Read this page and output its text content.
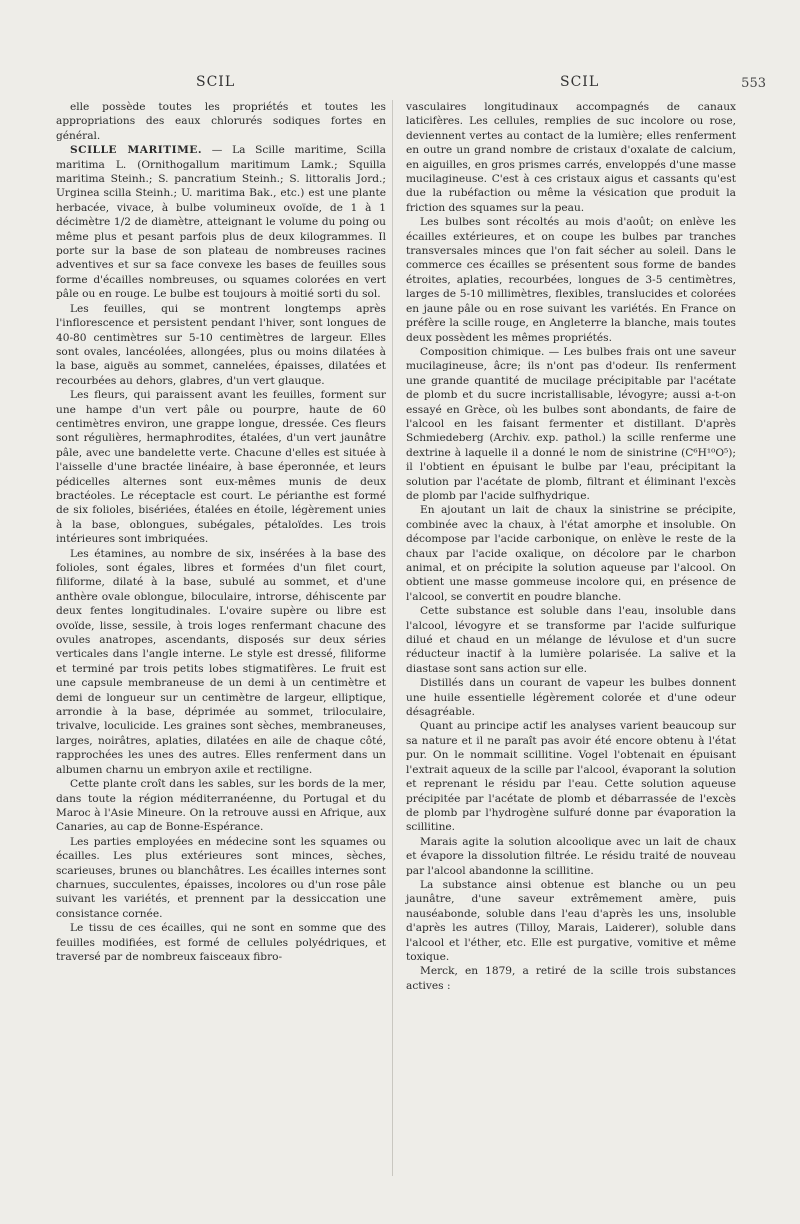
SCIL	SCIL	553

elle possède toutes les propriétés et toutes les appropriations des eaux chlorurés sodiques fortes en général.

SCILLE MARITIME. — La Scille maritime, Scilla maritima L. (Ornithogallum maritimum Lamk.; Squilla maritima Steinh.; S. pancratium Steinh.; S. littoralis Jord.; Urginea scilla Steinh.; U. maritima Bak., etc.) est une plante herbacée, vivace, à bulbe volumineux ovoïde, de 1 à 1 décimètre 1/2 de diamètre, atteignant le volume du poing ou même plus et pesant parfois plus de deux kilogrammes. Il porte sur la base de son plateau de nombreuses racines adventives et sur sa face convexe les bases de feuilles sous forme d'écailles nombreuses, ou squames colorées en vert pâle ou en rouge. Le bulbe est toujours à moitié sorti du sol.

Les feuilles, qui se montrent longtemps après l'inflorescence et persistent pendant l'hiver, sont longues de 40-80 centimètres sur 5-10 centimètres de largeur. Elles sont ovales, lancéolées, allongées, plus ou moins dilatées à la base, aiguës au sommet, cannelées, épaisses, dilatées et recourbées au dehors, glabres, d'un vert glauque.

Les fleurs, qui paraissent avant les feuilles, forment sur une hampe d'un vert pâle ou pourpre, haute de 60 centimètres environ, une grappe longue, dressée. Ces fleurs sont régulières, hermaphrodites, étalées, d'un vert jaunâtre pâle, avec une bandelette verte. Chacune d'elles est située à l'aisselle d'une bractée linéaire, à base éperonnée, et leurs pédicelles alternes sont eux-mêmes munis de deux bractéoles. Le réceptacle est court. Le périanthe est formé de six folioles, bisériées, étalées en étoile, légèrement unies à la base, oblongues, subégales, pétaloïdes. Les trois intérieures sont imbriquées.

Les étamines, au nombre de six, insérées à la base des folioles, sont égales, libres et formées d'un filet court, filiforme, dilaté à la base, subulé au sommet, et d'une anthère ovale oblongue, biloculaire, introrse, déhiscente par deux fentes longitudinales. L'ovaire supère ou libre est ovoïde, lisse, sessile, à trois loges renfermant chacune des ovules anatropes, ascendants, disposés sur deux séries verticales dans l'angle interne. Le style est dressé, filiforme et terminé par trois petits lobes stigmatifères. Le fruit est une capsule membraneuse de un demi à un centimètre et demi de longueur sur un centimètre de largeur, elliptique, arrondie à la base, déprimée au sommet, triloculaire, trivalve, loculicide. Les graines sont sèches, membraneuses, larges, noirâtres, aplaties, dilatées en aile de chaque côté, rapprochées les unes des autres. Elles renferment dans un albumen charnu un embryon axile et rectiligne.

Cette plante croît dans les sables, sur les bords de la mer, dans toute la région méditerranéenne, du Portugal et du Maroc à l'Asie Mineure. On la retrouve aussi en Afrique, aux Canaries, au cap de Bonne-Espérance.

Les parties employées en médecine sont les squames ou écailles. Les plus extérieures sont minces, sèches, scarieuses, brunes ou blanchâtres. Les écailles internes sont charnues, succulentes, épaisses, incolores ou d'un rose pâle suivant les variétés, et prennent par la dessiccation une consistance cornée.

Le tissu de ces écailles, qui ne sont en somme que des feuilles modifiées, est formé de cellules polyédriques, et traversé par de nombreux faisceaux fibro-

vasculaires longitudinaux accompagnés de canaux laticifères. Les cellules, remplies de suc incolore ou rose, deviennent vertes au contact de la lumière; elles renferment en outre un grand nombre de cristaux d'oxalate de calcium, en aiguilles, en gros prismes carrés, enveloppés d'une masse mucilagineuse. C'est à ces cristaux aigus et cassants qu'est due la rubéfaction ou même la vésication que produit la friction des squames sur la peau.

Les bulbes sont récoltés au mois d'août; on enlève les écailles extérieures, et on coupe les bulbes par tranches transversales minces que l'on fait sécher au soleil. Dans le commerce ces écailles se présentent sous forme de bandes étroites, aplaties, recourbées, longues de 3-5 centimètres, larges de 5-10 millimètres, flexibles, translucides et colorées en jaune pâle ou en rose suivant les variétés. En France on préfère la scille rouge, en Angleterre la blanche, mais toutes deux possèdent les mêmes propriétés.

Composition chimique. — Les bulbes frais ont une saveur mucilagineuse, âcre; ils n'ont pas d'odeur. Ils renferment une grande quantité de mucilage précipitable par l'acétate de plomb et du sucre incristallisable, lévogyre; aussi a-t-on essayé en Grèce, où les bulbes sont abondants, de faire de l'alcool en les faisant fermenter et distillant. D'après Schmiedeberg (Archiv. exp. pathol.) la scille renferme une dextrine à laquelle il a donné le nom de sinistrine (C⁶H¹⁰O⁵); il l'obtient en épuisant le bulbe par l'eau, précipitant la solution par l'acétate de plomb, filtrant et éliminant l'excès de plomb par l'acide sulfhydrique.

En ajoutant un lait de chaux la sinistrine se précipite, combinée avec la chaux, à l'état amorphe et insoluble. On décompose par l'acide carbonique, on enlève le reste de la chaux par l'acide oxalique, on décolore par le charbon animal, et on précipite la solution aqueuse par l'alcool. On obtient une masse gommeuse incolore qui, en présence de l'alcool, se convertit en poudre blanche.

Cette substance est soluble dans l'eau, insoluble dans l'alcool, lévogyre et se transforme par l'acide sulfurique dilué et chaud en un mélange de lévulose et d'un sucre réducteur inactif à la lumière polarisée. La salive et la diastase sont sans action sur elle.

Distillés dans un courant de vapeur les bulbes donnent une huile essentielle légèrement colorée et d'une odeur désagréable.

Quant au principe actif les analyses varient beaucoup sur sa nature et il ne paraît pas avoir été encore obtenu à l'état pur. On le nommait scillitine. Vogel l'obtenait en épuisant l'extrait aqueux de la scille par l'alcool, évaporant la solution et reprenant le résidu par l'eau. Cette solution aqueuse précipitée par l'acétate de plomb et débarrassée de l'excès de plomb par l'hydrogène sulfuré donne par évaporation la scillitine.

Marais agite la solution alcoolique avec un lait de chaux et évapore la dissolution filtrée. Le résidu traité de nouveau par l'alcool abandonne la scillitine.

La substance ainsi obtenue est blanche ou un peu jaunâtre, d'une saveur extrêmement amère, puis nauséabonde, soluble dans l'eau d'après les uns, insoluble d'après les autres (Tilloy, Marais, Laiderer), soluble dans l'alcool et l'éther, etc. Elle est purgative, vomitive et même toxique.

Merck, en 1879, a retiré de la scille trois substances actives :
